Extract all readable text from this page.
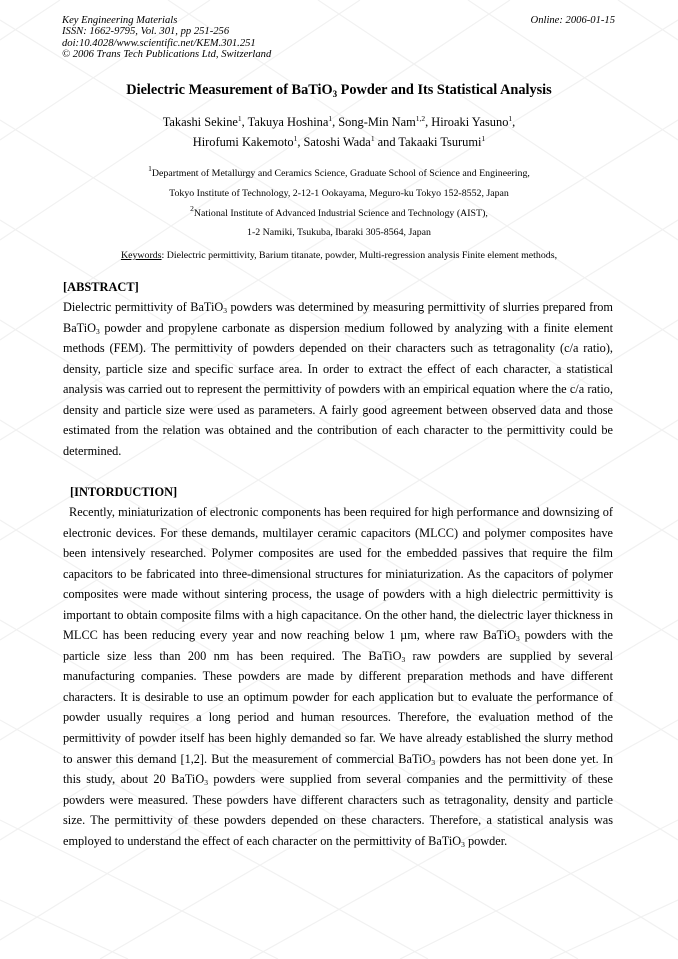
Key Engineering Materials
ISSN: 1662-9795, Vol. 301, pp 251-256
doi:10.4028/www.scientific.net/KEM.301.251
© 2006 Trans Tech Publications Ltd, Switzerland
Online: 2006-01-15
Dielectric Measurement of BaTiO$_3$ Powder and Its Statistical Analysis
Takashi Sekine$^1$, Takuya Hoshina$^1$, Song-Min Nam$^{1,2}$, Hiroaki Yasuno$^1$,
Hirofumi Kakemoto$^1$, Satoshi Wada$^1$ and Takaaki Tsurumi$^1$
$^1$Department of Metallurgy and Ceramics Science, Graduate School of Science and Engineering,
Tokyo Institute of Technology, 2-12-1 Ookayama, Meguro-ku Tokyo 152-8552, Japan
$^2$National Institute of Advanced Industrial Science and Technology (AIST),
1-2 Namiki, Tsukuba, Ibaraki 305-8564, Japan
Keywords: Dielectric permittivity, Barium titanate, powder, Multi-regression analysis Finite element methods,
[ABSTRACT]
Dielectric permittivity of BaTiO$_3$ powders was determined by measuring permittivity of slurries prepared from BaTiO$_3$ powder and propylene carbonate as dispersion medium followed by analyzing with a finite element methods (FEM). The permittivity of powders depended on their characters such as tetragonality (c/a ratio), density, particle size and specific surface area. In order to extract the effect of each character, a statistical analysis was carried out to represent the permittivity of powders with an empirical equation where the c/a ratio, density and particle size were used as parameters. A fairly good agreement between observed data and those estimated from the relation was obtained and the contribution of each character to the permittivity could be determined.
[INTORDUCTION]
Recently, miniaturization of electronic components has been required for high performance and downsizing of electronic devices. For these demands, multilayer ceramic capacitors (MLCC) and polymer composites have been intensively researched. Polymer composites are used for the embedded passives that require the film capacitors to be fabricated into three-dimensional structures for miniaturization. As the capacitors of polymer composites were made without sintering process, the usage of powders with a high dielectric permittivity is important to obtain composite films with a high capacitance. On the other hand, the dielectric layer thickness in MLCC has been reducing every year and now reaching below 1 µm, where raw BaTiO$_3$ powders with the particle size less than 200 nm has been required. The BaTiO$_3$ raw powders are supplied by several manufacturing companies. These powders are made by different preparation methods and have different characters. It is desirable to use an optimum powder for each application but to evaluate the performance of powder usually requires a long period and human resources. Therefore, the evaluation method of the permittivity of powder itself has been highly demanded so far. We have already established the slurry method to answer this demand [1,2]. But the measurement of commercial BaTiO$_3$ powders has not been done yet. In this study, about 20 BaTiO$_3$ powders were supplied from several companies and the permittivity of these powders were measured. These powders have different characters such as tetragonality, density and particle size. The permittivity of these powders depended on these characters. Therefore, a statistical analysis was employed to understand the effect of each character on the permittivity of BaTiO$_3$ powder.
